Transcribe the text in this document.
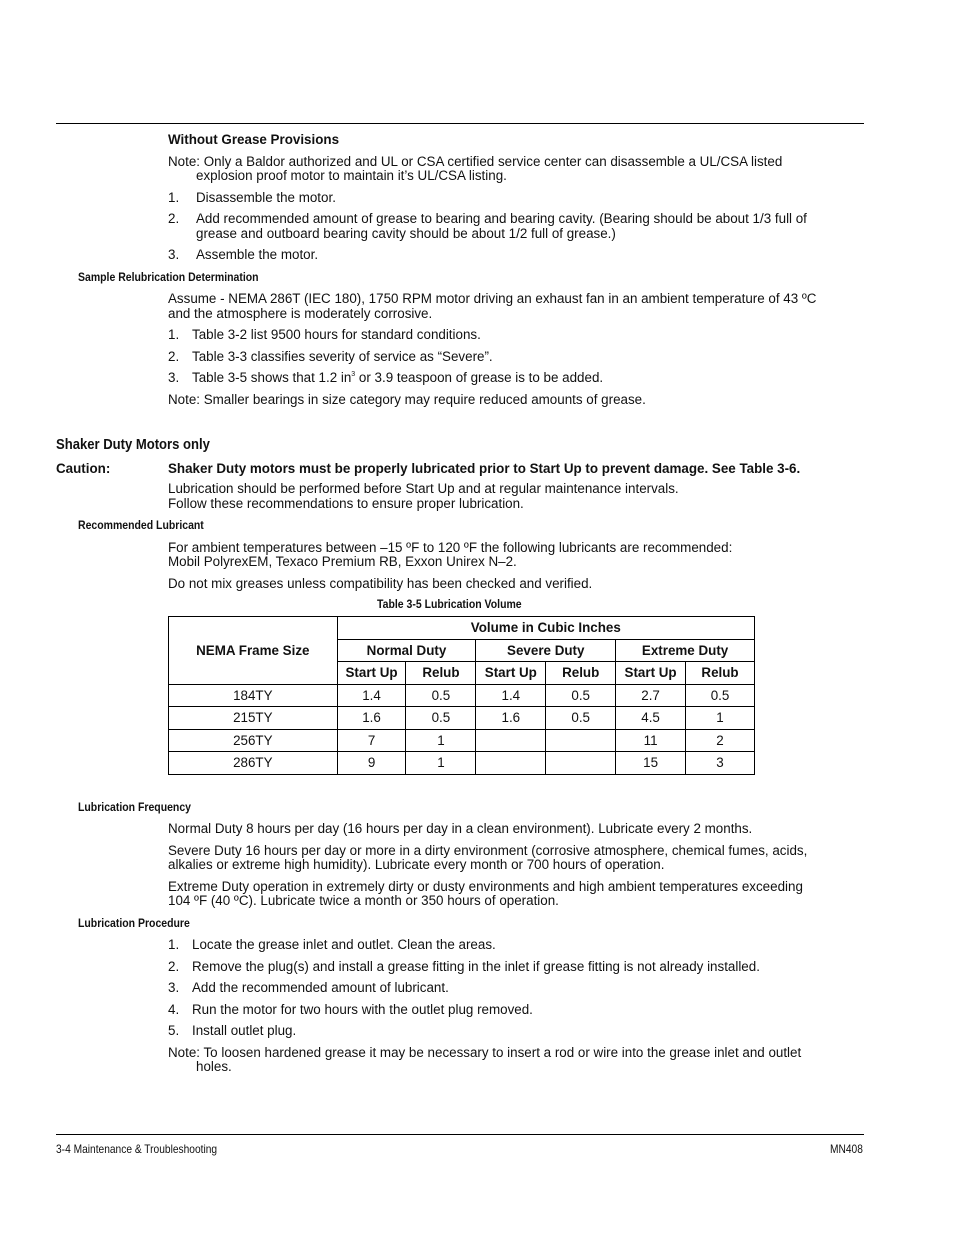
Without Grease Provisions
Note: Only a Baldor authorized and UL or CSA certified service center can disassemble a UL/CSA listed
explosion proof motor to maintain it’s UL/CSA listing.
1. Disassemble the motor.
2. Add recommended amount of grease to bearing and bearing cavity. (Bearing should be about 1/3 full of
grease and outboard bearing cavity should be about 1/2 full of grease.)
3. Assemble the motor.
Sample Relubrication Determination
Assume - NEMA 286T (IEC 180), 1750 RPM motor driving an exhaust fan in an ambient temperature of 43 ºC
and the atmosphere is moderately corrosive.
1. Table 3-2 list 9500 hours for standard conditions.
2. Table 3-3 classifies severity of service as “Severe”.
3. Table 3-5 shows that 1.2 $in^3$ or 3.9 teaspoon of grease is to be added.
Note: Smaller bearings in size category may require reduced amounts of grease.
Shaker Duty Motors only
Caution:	Shaker Duty motors must be properly lubricated prior to Start Up to prevent damage. See Table 3-6.
Lubrication should be performed before Start Up and at regular maintenance intervals.
Follow these recommendations to ensure proper lubrication.
Recommended Lubricant
For ambient temperatures between –15 ºF to 120 ºF the following lubricants are recommended:
Mobil PolyrexEM, Texaco Premium RB, Exxon Unirex N–2.
Do not mix greases unless compatibility has been checked and verified.
Table 3-5 Lubrication Volume
NEMA Frame Size	Volume in Cubic Inches					
	Normal Duty		Severe Duty		Extreme Duty	
	Start Up	Relub	Start Up	Relub	Start Up	Relub
184TY	1.4	0.5	1.4	0.5	2.7	0.5
215TY	1.6	0.5	1.6	0.5	4.5	1
256TY	7	1			11	2
286TY	9	1			15	3
Lubrication Frequency
Normal Duty 8 hours per day (16 hours per day in a clean environment). Lubricate every 2 months.
Severe Duty 16 hours per day or more in a dirty environment (corrosive atmosphere, chemical fumes, acids,
alkalies or extreme high humidity). Lubricate every month or 700 hours of operation.
Extreme Duty operation in extremely dirty or dusty environments and high ambient temperatures exceeding
104 ºF (40 ºC). Lubricate twice a month or 350 hours of operation.
Lubrication Procedure
1. Locate the grease inlet and outlet. Clean the areas.
2. Remove the plug(s) and install a grease fitting in the inlet if grease fitting is not already installed.
3. Add the recommended amount of lubricant.
4. Run the motor for two hours with the outlet plug removed.
5. Install outlet plug.
Note: To loosen hardened grease it may be necessary to insert a rod or wire into the grease inlet and outlet
holes.
3-4 Maintenance & Troubleshooting	MN408
